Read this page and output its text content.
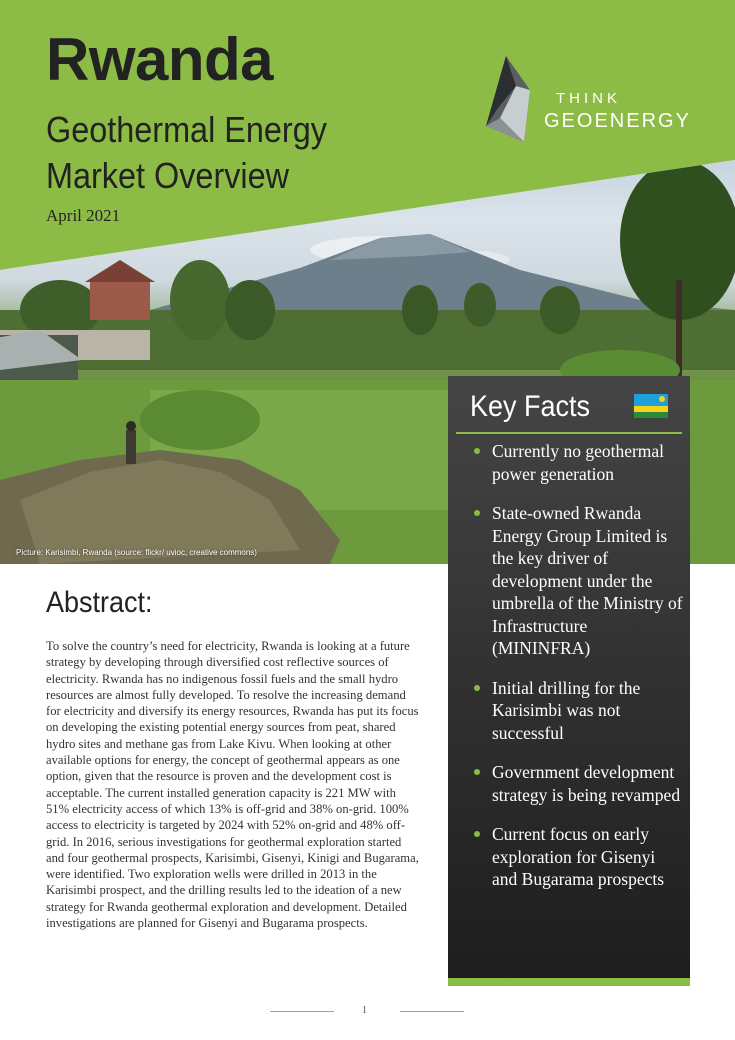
Picture: Karisimbi, Rwanda (source: flickr/ uvioc, creative commons)
Rwanda
Geothermal Energy
Market Overview
April 2021
THINK
GEOENERGY
Key Facts
Currently no geothermal power generation
State-owned Rwanda Energy Group Limited is the key driver of development under the umbrella of the Ministry of Infrastructure (MININFRA)
Initial drilling for the Karisimbi was not successful
Government development strategy is being revamped
Current focus on early exploration for Gisenyi and Bugarama prospects
Abstract:

To solve the country’s need for electricity, Rwanda is looking at a future strategy by developing through diversified cost reflective sources of electricity. Rwanda has no indigenous fossil fuels and the small hydro resources are almost fully developed. To resolve the increasing demand for electricity and diversify its energy resources, Rwanda has put its focus on developing the existing potential energy sources from peat, shared hydro sites and methane gas from Lake Kivu. When looking at other available options for energy, the concept of geothermal appears as one option, given that the resource is proven and the development cost is acceptable. The current installed generation capacity is 221 MW with 51% electricity access of which 13% is off-grid and 38% on-grid. 100% access to electricity is targeted by 2024 with 52% on-grid and 48% off-grid. In 2016, serious investigations for geothermal exploration started and four geothermal prospects, Karisimbi, Gisenyi, Kinigi and Bugarama, were identified. Two exploration wells were drilled in 2013 in the Karisimbi prospect, and the drilling results led to the ideation of a new strategy for Rwanda geothermal exploration and development. Detailed investigations are planned for Gisenyi and Bugarama prospects.

1
